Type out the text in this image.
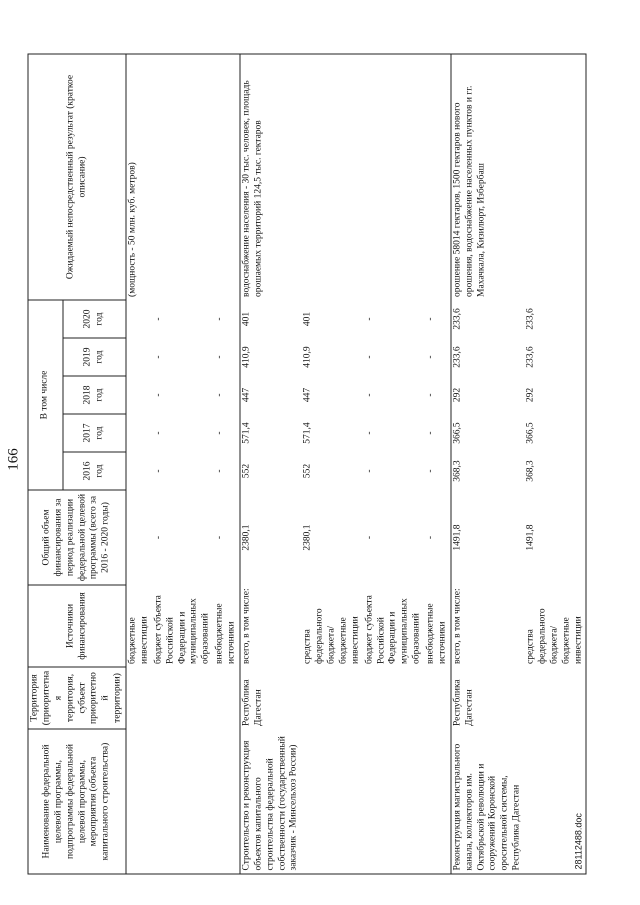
166
Наименование федеральной целевой программы, подпрограммы федеральной целевой программы, мероприятия (объекта капитального строительства)	Территория (приоритетная территория, субъект приоритетной территории)	Источники финансирования	Общий объем финансирования за период реализации федеральной целевой программы (всего за 2016 - 2020 годы)	В том числе					Ожидаемый непосредственный результат (краткое описание)
				2016 год	2017 год	2018 год	2019 год	2020 год	
		бюджетные инвестиции							(мощность - 50 млн. куб. метров)
		бюджет субъекта Российской Федерации и муниципальных образований	-	-	-	-	-	-	
		внебюджетные источники	-	-	-	-	-	-	
Строительство и реконструкция объектов капитального строительства федеральной собственности (государственный заказчик - Минсельхоз России)	Республика Дагестан	всего, в том числе:	2380,1	552	571,4	447	410,9	401	водоснабжение населения - 30 тыс. человек, площадь орошаемых территорий 124,5 тыс. гектаров
		средства федерального бюджета/ бюджетные инвестиции	2380,1	552	571,4	447	410,9	401	
		бюджет субъекта Российской Федерации и муниципальных образований	-	-	-	-	-	-	
		внебюджетные источники	-	-	-	-	-	-	
Реконструкция магистрального канала, коллекторов им. Октябрьской революции и сооружений Коронской оросительной системы, Республика Дагестан	Республика Дагестан	всего, в том числе:	1491,8	368,3	366,5	292	233,6	233,6	орошение 58014 гектаров, 1500 гектаров нового орошения, водоснабжение населенных пунктов и гг. Махачкала, Кизилюрт, Избербаш
		средства федерального бюджета/ бюджетные инвестиции	1491,8	368,3	366,5	292	233,6	233,6	
28112488.doc
